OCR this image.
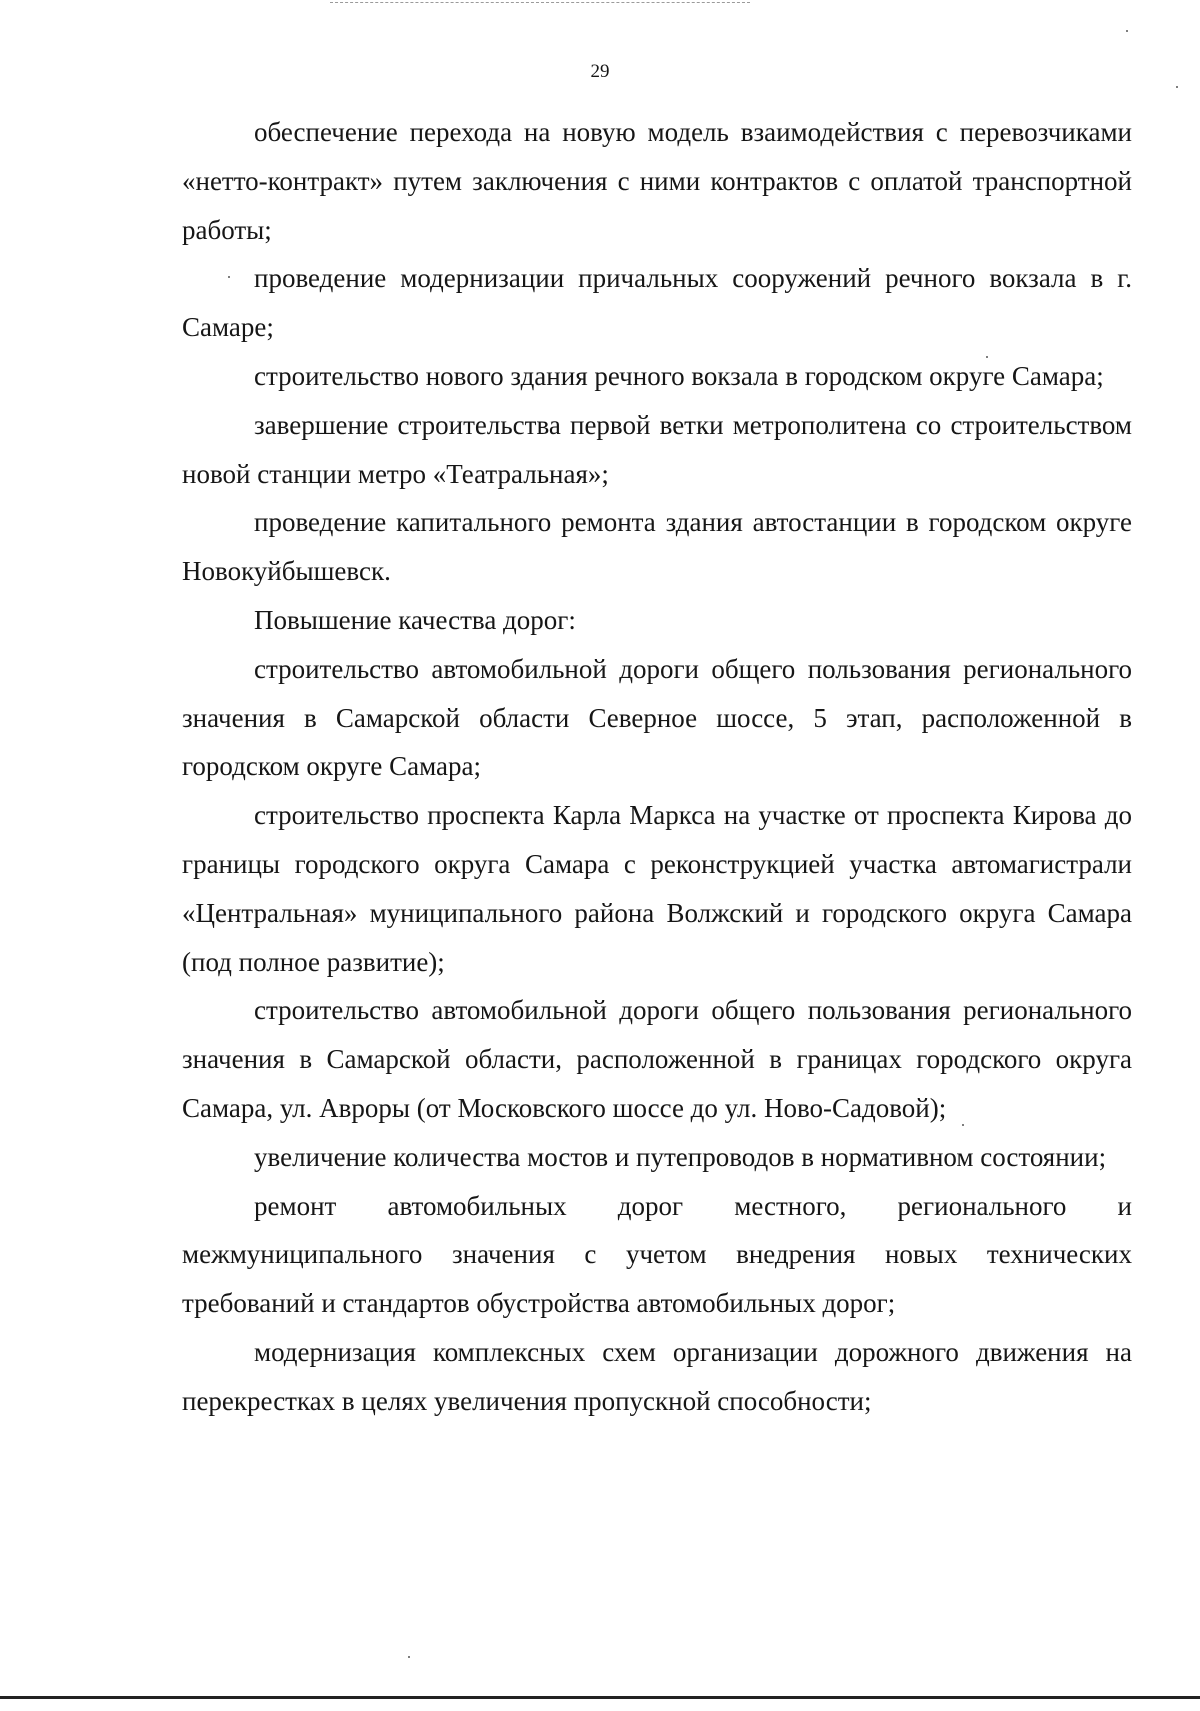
29

обеспечение перехода на новую модель взаимодействия с перевозчиками «нетто-контракт» путем заключения с ними контрактов с оплатой транспортной работы;

проведение модернизации причальных сооружений речного вокзала в г. Самаре;

строительство нового здания речного вокзала в городском округе Самара;

завершение строительства первой ветки метрополитена со строительством новой станции метро «Театральная»;

проведение капитального ремонта здания автостанции в городском округе Новокуйбышевск.

Повышение качества дорог:

строительство автомобильной дороги общего пользования регионального значения в Самарской области Северное шоссе, 5 этап, расположенной в городском округе Самара;

строительство проспекта Карла Маркса на участке от проспекта Кирова до границы городского округа Самара с реконструкцией участка автомагистрали «Центральная» муниципального района Волжский и городского округа Самара (под полное развитие);

строительство автомобильной дороги общего пользования регионального значения в Самарской области, расположенной в границах городского округа Самара, ул. Авроры (от Московского шоссе до ул. Ново-Садовой);

увеличение количества мостов и путепроводов в нормативном состоянии;

ремонт автомобильных дорог местного, регионального и межмуниципального значения с учетом внедрения новых технических требований и стандартов обустройства автомобильных дорог;

модернизация комплексных схем организации дорожного движения на перекрестках в целях увеличения пропускной способности;
